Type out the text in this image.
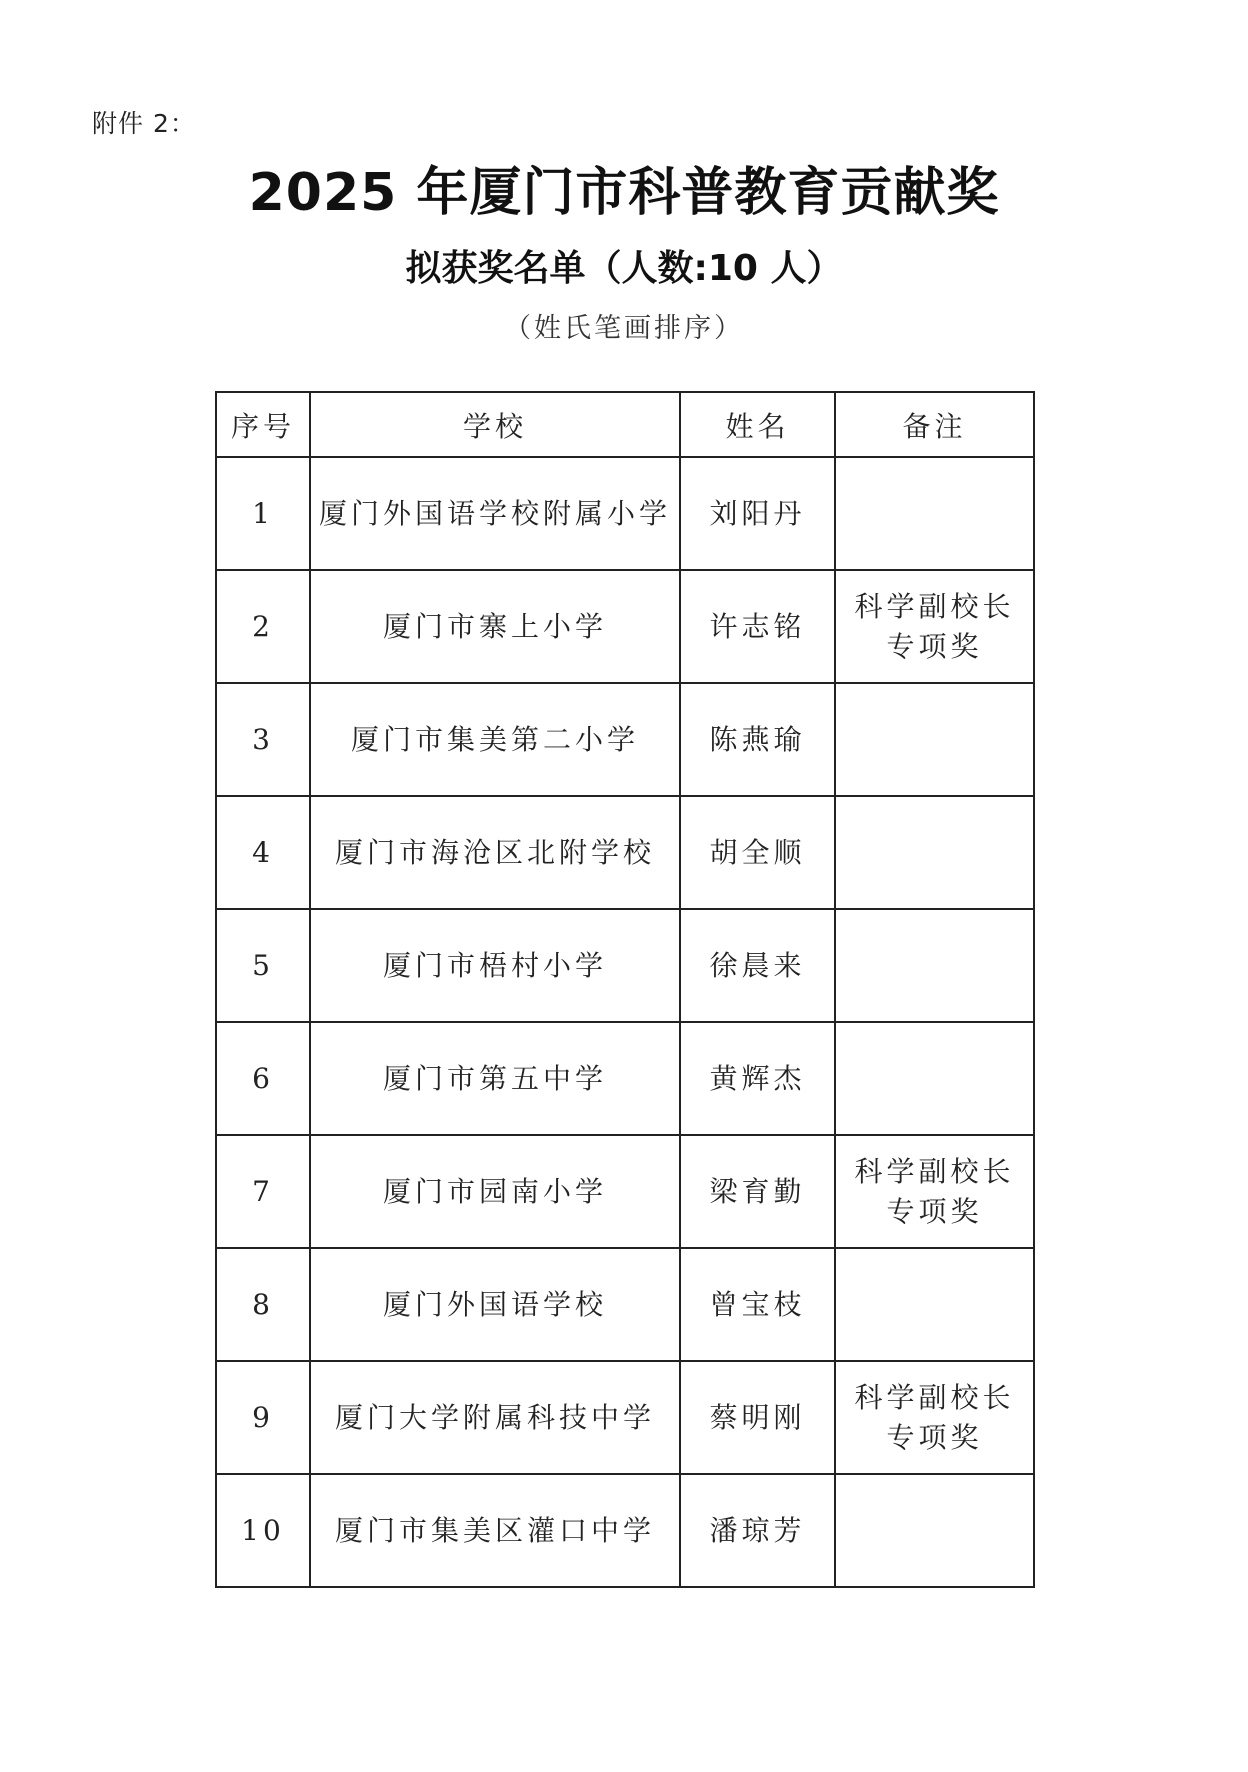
附件 2：
2025 年厦门市科普教育贡献奖
拟获奖名单（人数:10 人）
（姓氏笔画排序）
序号	学校	姓名	备注
1	厦门外国语学校附属小学	刘阳丹	

2	厦门市寨上小学	许志铭	科学副校长
专项奖

3	厦门市集美第二小学	陈燕瑜	

4	厦门市海沧区北附学校	胡全顺	

5	厦门市梧村小学	徐晨来	

6	厦门市第五中学	黄辉杰	

7	厦门市园南小学	梁育勤	科学副校长
专项奖

8	厦门外国语学校	曾宝枝	

9	厦门大学附属科技中学	蔡明刚	科学副校长
专项奖

10	厦门市集美区灌口中学	潘琼芳	
